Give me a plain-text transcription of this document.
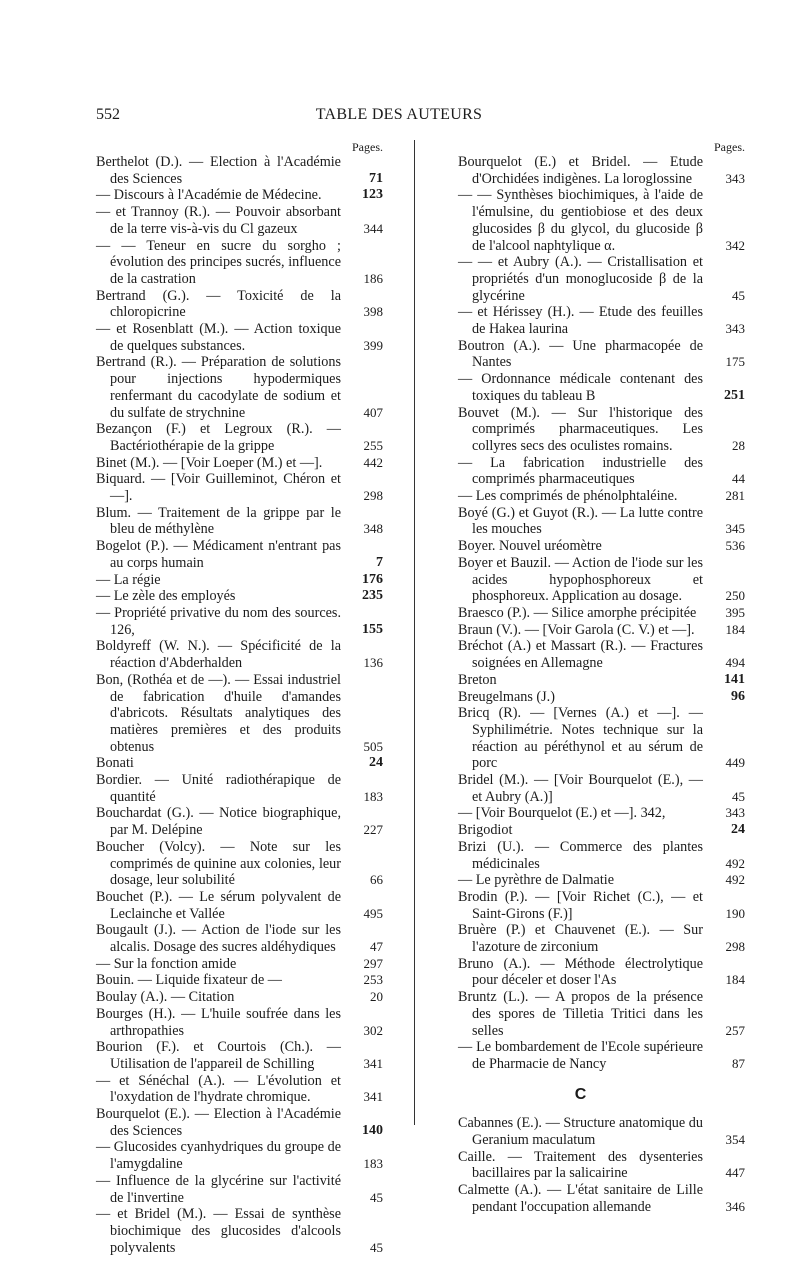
552	TABLE DES AUTEURS
Pages.

Berthelot (D.). — Election à l'Académie des Sciences	71

— Discours à l'Académie de Médecine.	123

— et Trannoy (R.). — Pouvoir absorbant de la terre vis-à-vis du Cl gazeux	344

— — Teneur en sucre du sorgho ; évolution des principes sucrés, influence de la castration	186

Bertrand (G.). — Toxicité de la chloropicrine	398

— et Rosenblatt (M.). — Action toxique de quelques substances.	399

Bertrand (R.). — Préparation de solutions pour injections hypodermiques renfermant du cacodylate de sodium et du sulfate de strychnine	407

Bezançon (F.) et Legroux (R.). — Bactériothérapie de la grippe	255

Binet (M.). — [Voir Loeper (M.) et —].	442

Biquard. — [Voir Guilleminot, Chéron et —].	298

Blum. — Traitement de la grippe par le bleu de méthylène	348

Bogelot (P.). — Médicament n'entrant pas au corps humain	7

— La régie	176

— Le zèle des employés	235

— Propriété privative du nom des sources. 126,	155

Boldyreff (W. N.). — Spécificité de la réaction d'Abderhalden	136

Bon, (Rothéa et de —). — Essai industriel de fabrication d'huile d'amandes d'abricots. Résultats analytiques des matières premières et des produits obtenus	505

Bonati	24

Bordier. — Unité radiothérapique de quantité	183

Bouchardat (G.). — Notice biographique, par M. Delépine	227

Boucher (Volcy). — Note sur les comprimés de quinine aux colonies, leur dosage, leur solubilité	66

Bouchet (P.). — Le sérum polyvalent de Leclainche et Vallée	495

Bougault (J.). — Action de l'iode sur les alcalis. Dosage des sucres aldéhydiques	47

— Sur la fonction amide	297

Bouin. — Liquide fixateur de —	253

Boulay (A.). — Citation	20

Bourges (H.). — L'huile soufrée dans les arthropathies	302

Bourion (F.). et Courtois (Ch.). — Utilisation de l'appareil de Schilling	341

— et Sénéchal (A.). — L'évolution et l'oxydation de l'hydrate chromique.	341

Bourquelot (E.). — Election à l'Académie des Sciences	140

— Glucosides cyanhydriques du groupe de l'amygdaline	183

— Influence de la glycérine sur l'activité de l'invertine	45

— et Bridel (M.). — Essai de synthèse biochimique des glucosides d'alcools polyvalents	45

Pages.

Bourquelot (E.) et Bridel. — Etude d'Orchidées indigènes. La loroglossine	343

— — Synthèses biochimiques, à l'aide de l'émulsine, du gentiobiose et des deux glucosides β du glycol, du glucoside β de l'alcool naphtylique α.	342

— — et Aubry (A.). — Cristallisation et propriétés d'un monoglucoside β de la glycérine	45

— et Hérissey (H.). — Etude des feuilles de Hakea laurina	343

Boutron (A.). — Une pharmacopée de Nantes	175

— Ordonnance médicale contenant des toxiques du tableau B	251

Bouvet (M.). — Sur l'historique des comprimés pharmaceutiques. Les collyres secs des oculistes romains.	28

— La fabrication industrielle des comprimés pharmaceutiques	44

— Les comprimés de phénolphtaléine.	281

Boyé (G.) et Guyot (R.). — La lutte contre les mouches	345

Boyer. Nouvel uréomètre	536

Boyer et Bauzil. — Action de l'iode sur les acides hypophosphoreux et phosphoreux. Application au dosage.	250

Braesco (P.). — Silice amorphe précipitée 395

Braun (V.). — [Voir Garola (C. V.) et —]. 184

Bréchot (A.) et Massart (R.). — Fractures soignées en Allemagne	494

Breton	141

Breugelmans (J.)	96

Bricq (R). — [Vernes (A.) et —]. — Syphilimétrie. Notes technique sur la réaction au péréthynol et au sérum de porc	449

Bridel (M.). — [Voir Bourquelot (E.), — et Aubry (A.)]	45

— [Voir Bourquelot (E.) et —]. 342,	343

Brigodiot	24

Brizi (U.). — Commerce des plantes médicinales	492

— Le pyrèthre de Dalmatie	492

Brodin (P.). — [Voir Richet (C.), — et Saint-Girons (F.)]	190

Bruère (P.) et Chauvenet (E.). — Sur l'azoture de zirconium	298

Bruno (A.). — Méthode électrolytique pour déceler et doser l'As	184

Bruntz (L.). — A propos de la présence des spores de Tilletia Tritici dans les selles	257

— Le bombardement de l'Ecole supérieure de Pharmacie de Nancy	87

C

Cabannes (E.). — Structure anatomique du Geranium maculatum	354

Caille. — Traitement des dysenteries bacillaires par la salicairine	447

Calmette (A.). — L'état sanitaire de Lille pendant l'occupation allemande	346
